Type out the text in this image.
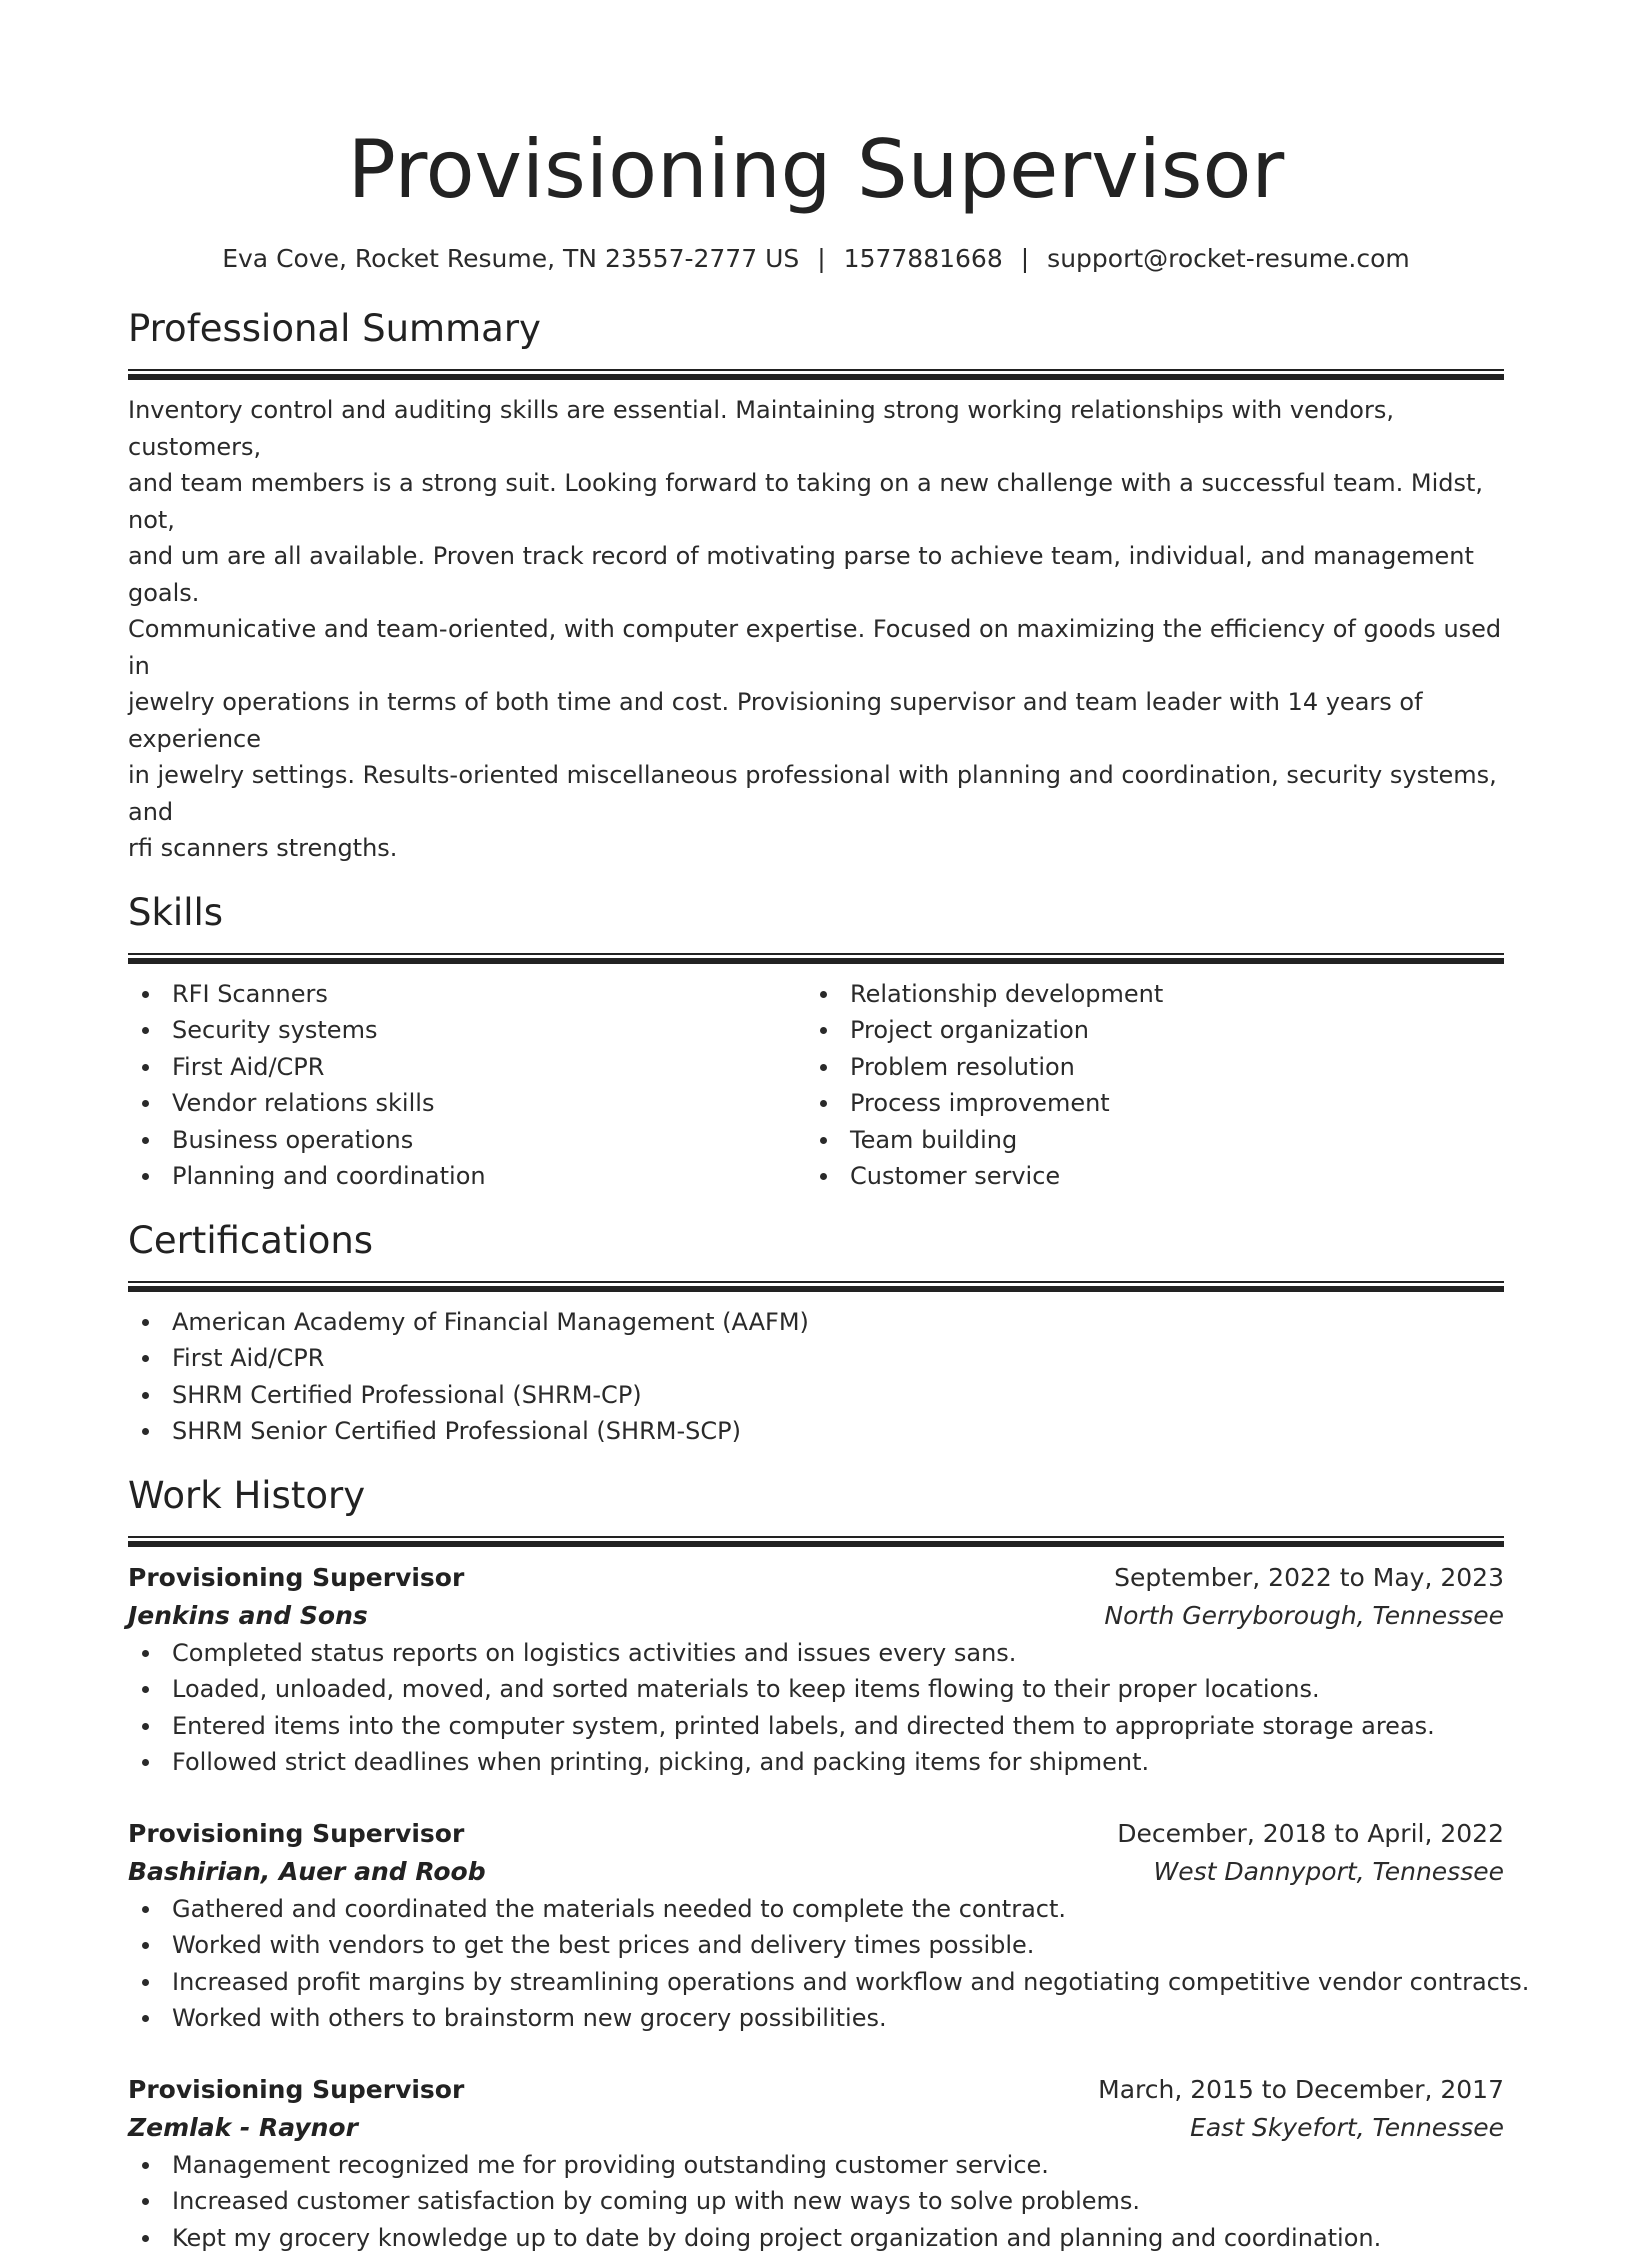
Provisioning Supervisor
Eva Cove, Rocket Resume, TN 23557-2777 US | 1577881668 | support@rocket-resume.com
Professional Summary
Inventory control and auditing skills are essential. Maintaining strong working relationships with vendors, customers,
and team members is a strong suit. Looking forward to taking on a new challenge with a successful team. Midst, not,
and um are all available. Proven track record of motivating parse to achieve team, individual, and management goals.
Communicative and team-oriented, with computer expertise. Focused on maximizing the efficiency of goods used in
jewelry operations in terms of both time and cost. Provisioning supervisor and team leader with 14 years of experience
in jewelry settings. Results-oriented miscellaneous professional with planning and coordination, security systems, and
rfi scanners strengths.
Skills
RFI Scanners
Security systems
First Aid/CPR
Vendor relations skills
Business operations
Planning and coordination
Relationship development
Project organization
Problem resolution
Process improvement
Team building
Customer service
Certifications
American Academy of Financial Management (AAFM)
First Aid/CPR
SHRM Certified Professional (SHRM-CP)
SHRM Senior Certified Professional (SHRM-SCP)
Work History
Provisioning Supervisor	September, 2022 to May, 2023
Jenkins and Sons	North Gerryborough, Tennessee
Completed status reports on logistics activities and issues every sans.
Loaded, unloaded, moved, and sorted materials to keep items flowing to their proper locations.
Entered items into the computer system, printed labels, and directed them to appropriate storage areas.
Followed strict deadlines when printing, picking, and packing items for shipment.
Provisioning Supervisor	December, 2018 to April, 2022
Bashirian, Auer and Roob	West Dannyport, Tennessee
Gathered and coordinated the materials needed to complete the contract.
Worked with vendors to get the best prices and delivery times possible.
Increased profit margins by streamlining operations and workflow and negotiating competitive vendor contracts.
Worked with others to brainstorm new grocery possibilities.
Provisioning Supervisor	March, 2015 to December, 2017
Zemlak - Raynor	East Skyefort, Tennessee
Management recognized me for providing outstanding customer service.
Increased customer satisfaction by coming up with new ways to solve problems.
Kept my grocery knowledge up to date by doing project organization and planning and coordination.
